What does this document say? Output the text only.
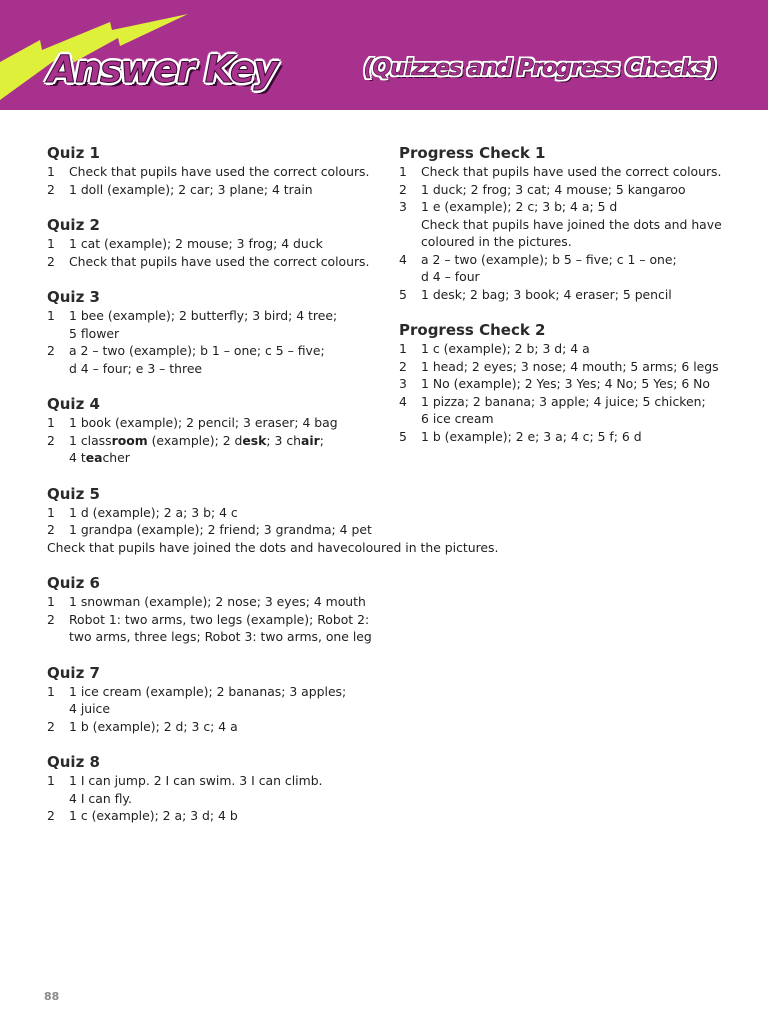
Answer Key	(Quizzes and Progress Checks)
Quiz 1
1 Check that pupils have used the correct colours.
2 1 doll (example); 2 car; 3 plane; 4 train
Quiz 2
1 1 cat (example); 2 mouse; 3 frog; 4 duck
2 Check that pupils have used the correct colours.
Quiz 3
1 1 bee (example); 2 butterfly; 3 bird; 4 tree;
5 flower
2 a 2 – two (example); b 1 – one; c 5 – five;
d 4 – four; e 3 – three
Quiz 4
1 1 book (example); 2 pencil; 3 eraser; 4 bag
2 1 classroom (example); 2 desk; 3 chair;
4 teacher
Quiz 5
1 1 d (example); 2 a; 3 b; 4 c
2 1 grandpa (example); 2 friend; 3 grandma; 4 pet
Check that pupils have joined the dots and havecoloured in the pictures.
Quiz 6
1 1 snowman (example); 2 nose; 3 eyes; 4 mouth
2 Robot 1: two arms, two legs (example); Robot 2:
two arms, three legs; Robot 3: two arms, one leg
Quiz 7
1 1 ice cream (example); 2 bananas; 3 apples;
4 juice
2 1 b (example); 2 d; 3 c; 4 a
Quiz 8
1 1 I can jump. 2 I can swim. 3 I can climb.
4 I can fly.
2 1 c (example); 2 a; 3 d; 4 b
Progress Check 1
1 Check that pupils have used the correct colours.
2 1 duck; 2 frog; 3 cat; 4 mouse; 5 kangaroo
3 1 e (example); 2 c; 3 b; 4 a; 5 d
Check that pupils have joined the dots and have
coloured in the pictures.
4 a 2 – two (example); b 5 – five; c 1 – one;
d 4 – four
5 1 desk; 2 bag; 3 book; 4 eraser; 5 pencil
Progress Check 2
1 1 c (example); 2 b; 3 d; 4 a
2 1 head; 2 eyes; 3 nose; 4 mouth; 5 arms; 6 legs
3 1 No (example); 2 Yes; 3 Yes; 4 No; 5 Yes; 6 No
4 1 pizza; 2 banana; 3 apple; 4 juice; 5 chicken;
6 ice cream
5 1 b (example); 2 e; 3 a; 4 c; 5 f; 6 d
88
